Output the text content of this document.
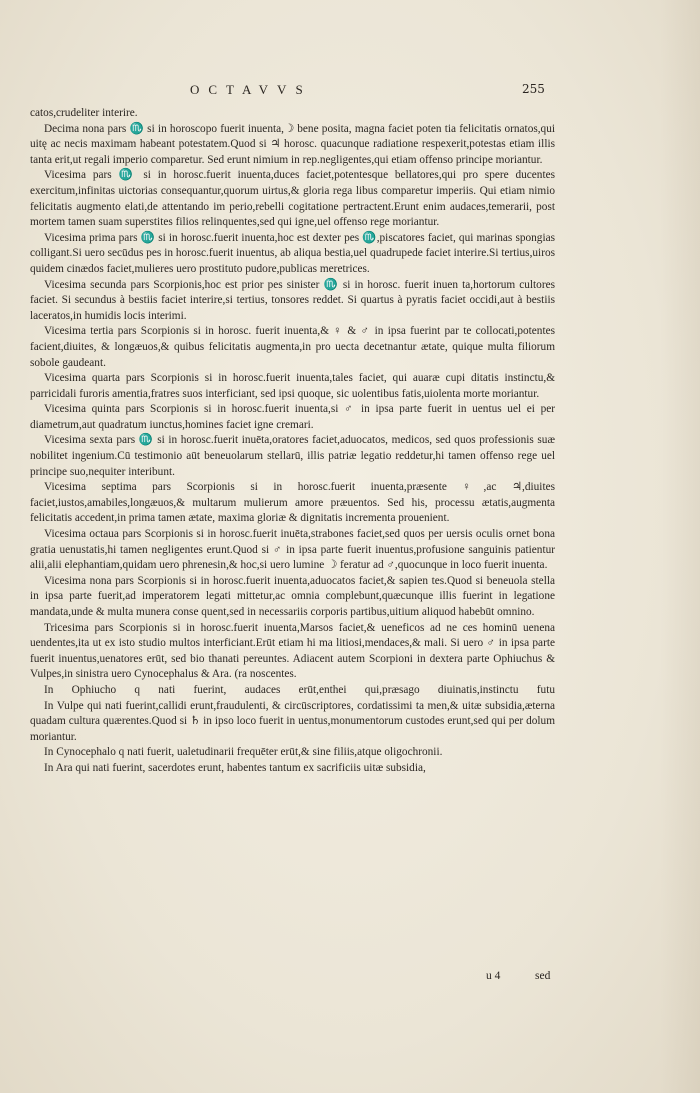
OCTAVVS	255

catos,crudeliter interire.

Decima nona pars ♏ si in horoscopo fuerit inuenta,☽ bene posita, magna faciet poten tia felicitatis ornatos,qui uitę ac necis maximam habeant potestatem.Quod si ♃ horosc. quacunque radiatione respexerit,potestas etiam illis tanta erit,ut regali imperio comparetur. Sed erunt nimium in rep.negligentes,qui etiam offenso principe moriantur.

Vicesima pars ♏ si in horosc.fuerit inuenta,duces faciet,potentesque bellatores,qui pro spere ducentes exercitum,infinitas uictorias consequantur,quorum uirtus,& gloria rega libus comparetur imperiis. Qui etiam nimio felicitatis augmento elati,de attentando im perio,rebelli cogitatione pertractent.Erunt enim audaces,temerarii, post mortem tamen suam superstites filios relinquentes,sed qui igne,uel offenso rege moriantur.

Vicesima prima pars ♏ si in horosc.fuerit inuenta,hoc est dexter pes ♏,piscatores faciet, qui marinas spongias colligant.Si uero secūdus pes in horosc.fuerit inuentus, ab aliqua bestia,uel quadrupede faciet interire.Si tertius,uiros quidem cinædos faciet,mulieres uero prostituto pudore,publicas meretrices.

Vicesima secunda pars Scorpionis,hoc est prior pes sinister ♏ si in horosc. fuerit inuen ta,hortorum cultores faciet. Si secundus à bestiis faciet interire,si tertius, tonsores reddet. Si quartus à pyratis faciet occidi,aut à bestiis laceratos,in humidis locis interimi.

Vicesima tertia pars Scorpionis si in horosc. fuerit inuenta,& ♀ & ♂ in ipsa fuerint par te collocati,potentes facient,diuites, & longæuos,& quibus felicitatis augmenta,in pro uecta decetnantur ætate, quique multa filiorum sobole gaudeant.

Vicesima quarta pars Scorpionis si in horosc.fuerit inuenta,tales faciet, qui auaræ cupi ditatis instinctu,& parricidali furoris amentia,fratres suos interficiant, sed ipsi quoque, sic uolentibus fatis,uiolenta morte moriantur.

Vicesima quinta pars Scorpionis si in horosc.fuerit inuenta,si ♂ in ipsa parte fuerit in uentus uel ei per diametrum,aut quadratum iunctus,homines faciet igne cremari.

Vicesima sexta pars ♏ si in horosc.fuerit inuēta,oratores faciet,aduocatos, medicos, sed quos professionis suæ nobilitet ingenium.Cū testimonio aūt beneuolarum stellarū, illis patriæ legatio reddetur,hi tamen offenso rege uel principe suo,nequiter interibunt.

Vicesima septima pars Scorpionis si in horosc.fuerit inuenta,præsente ♀,ac ♃,diuites faciet,iustos,amabiles,longæuos,& multarum mulierum amore præuentos. Sed his, processu ætatis,augmenta felicitatis accedent,in prima tamen ætate, maxima gloriæ & dignitatis incrementa prouenient.

Vicesima octaua pars Scorpionis si in horosc.fuerit inuēta,strabones faciet,sed quos per uersis oculis ornet bona gratia uenustatis,hi tamen negligentes erunt.Quod si ♂ in ipsa parte fuerit inuentus,profusione sanguinis patientur alii,alii elephantiam,quidam uero phrenesin,& hoc,si uero lumine ☽ feratur ad ♂,quocunque in loco fuerit inuenta.

Vicesima nona pars Scorpionis si in horosc.fuerit inuenta,aduocatos faciet,& sapien tes.Quod si beneuola stella in ipsa parte fuerit,ad imperatorem legati mittetur,ac omnia complebunt,quæcunque illis fuerint in legatione mandata,unde & multa munera conse quent,sed in necessariis corporis partibus,uitium aliquod habebūt omnino.

Tricesima pars Scorpionis si in horosc.fuerit inuenta,Marsos faciet,& ueneficos ad ne ces hominū uenena uendentes,ita ut ex isto studio multos interficiant.Erūt etiam hi ma litiosi,mendaces,& mali. Si uero ♂ in ipsa parte fuerit inuentus,uenatores erūt, sed bio thanati pereuntes. Adiacent autem Scorpioni in dextera parte Ophiuchus & Vulpes,in sinistra uero Cynocephalus & Ara. (ra noscentes.

In Ophiucho q nati fuerint, audaces erūt,enthei qui,præsago diuinatis,instinctu futu

In Vulpe qui nati fuerint,callidi erunt,fraudulenti, & circūscriptores, cordatissimi ta men,& uitæ subsidia,æterna quadam cultura quærentes.Quod si ♄ in ipso loco fuerit in uentus,monumentorum custodes erunt,sed qui per dolum moriantur.

In Cynocephalo q nati fuerit, ualetudinarii frequēter erūt,& sine filiis,atque oligochronii.

In Ara qui nati fuerint, sacerdotes erunt, habentes tantum ex sacrificiis uitæ subsidia,

u 4	sed
